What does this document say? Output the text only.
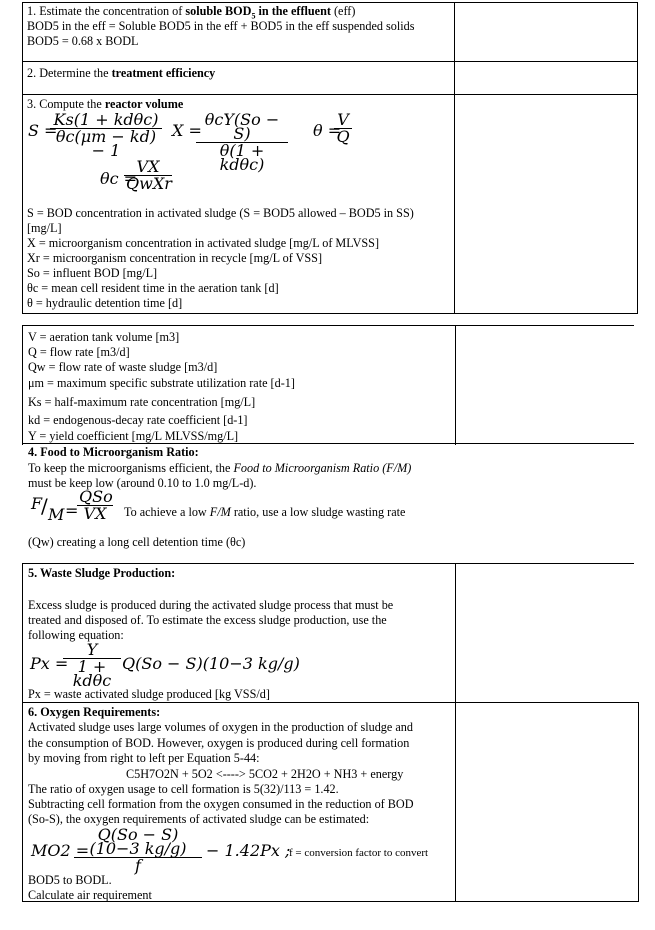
1. Estimate the concentration of soluble $BOD_5$ in the effluent (eff)
BOD5 in the eff = Soluble BOD5 in the eff + BOD5 in the eff suspended solids
BOD5 = 0.68 x BODL
2. Determine the treatment efficiency
3. Compute the reactor volume
S =
Ks(1 + kdθc)
θc(μm − kd) − 1
X =
θcY(So − S)
θ(1 + kdθc)
θ =
V
Q
θc =
VX
QwXr
S = BOD concentration in activated sludge (S = BOD5 allowed – BOD5 in SS)
[mg/L]
X = microorganism concentration in activated sludge [mg/L of MLVSS]
Xr = microorganism concentration in recycle [mg/L of VSS]
So = influent BOD [mg/L]
θc = mean cell resident time in the aeration tank [d]
θ = hydraulic detention time [d]
V = aeration tank volume [m3]
Q = flow rate [m3/d]
Qw = flow rate of waste sludge [m3/d]
μm = maximum specific substrate utilization rate [d-1]
Ks = half-maximum rate concentration [mg/L]
kd = endogenous-decay rate coefficient [d-1]
Y = yield coefficient [mg/L MLVSS/mg/L]
4. Food to Microorganism Ratio:
To keep the microorganisms efficient, the Food to Microorganism Ratio (F/M)
must be keep low (around 0.10 to 1.0 mg/L-d).
F
/ M =
QSo
VX	To achieve a low F/M ratio, use a low sludge wasting rate
(Qw) creating a long cell detention time (θc)
5. Waste Sludge Production:
Excess sludge is produced during the activated sludge process that must be
treated and disposed of. To estimate the excess sludge production, use the
following equation:
Px =
Y
1 + kdθc
Q(So − S)(10−3 kg/g)
Px = waste activated sludge produced [kg VSS/d]
6. Oxygen Requirements:
Activated sludge uses large volumes of oxygen in the production of sludge and
the consumption of BOD. However, oxygen is produced during cell formation
by moving from right to left per Equation 5-44:
C5H7O2N + 5O2 <----> 5CO2 + 2H2O + NH3 + energy
The ratio of oxygen usage to cell formation is 5(32)/113 = 1.42.
Subtracting cell formation from the oxygen consumed in the reduction of BOD
(So-S), the oxygen requirements of activated sludge can be estimated:
MO2 =
Q(So − S)(10−3 kg/g)
f
− 1.42Px ;
f = conversion factor to convert
BOD5 to BODL.
Calculate air requirement
